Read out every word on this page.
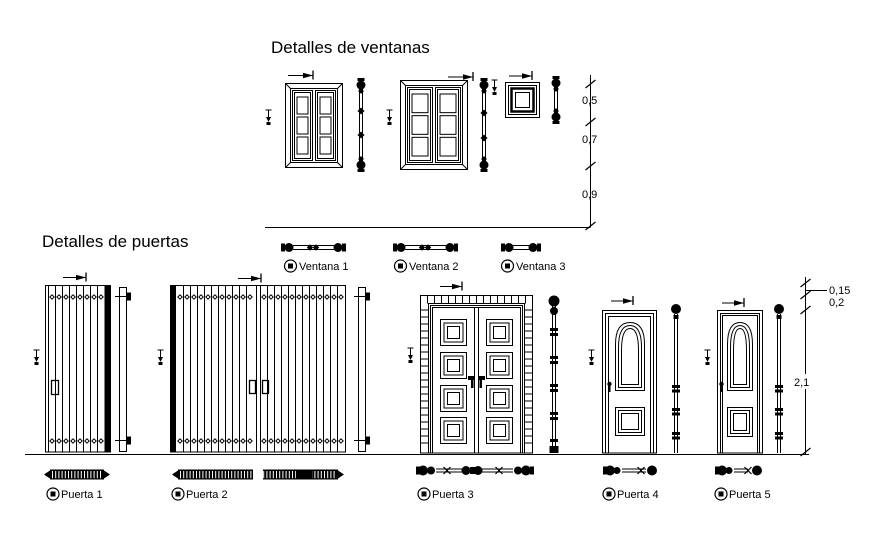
Detalles de ventanas
Detalles de puertas
0,5
0,7
0,9
0,15
0,2
2,1
Ventana 1	Ventana 2	Ventana 3
Puerta 1	Puerta 2	Puerta 3	Puerta 4	Puerta 5
